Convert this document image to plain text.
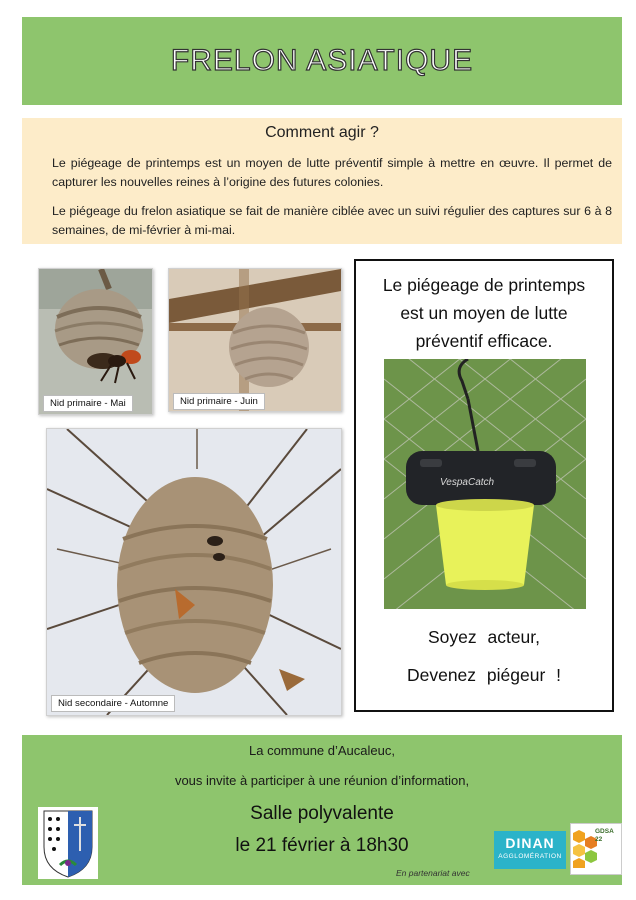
FRELON ASIATIQUE
Comment agir ?
Le piégeage de printemps est un moyen de lutte préventif simple à mettre en œuvre. Il permet de capturer les nouvelles reines à l’origine des futures colonies.
Le piégeage du frelon asiatique se fait de manière ciblée avec un suivi régulier des captures sur 6 à 8 semaines, de mi-février à mi-mai.
Nid primaire - Mai	Nid primaire - Juin
Nid secondaire - Automne
Le piégeage de printemps
est un moyen de lutte
préventif efficace.
VespaCatch
Soyez acteur,
Devenez piégeur !
La commune d’Aucaleuc,
vous invite à participer à une réunion d’information,
Salle polyvalente
le 21 février à 18h30
En partenariat avec
DINAN
AGGLOMÉRATION
GDSA
22
